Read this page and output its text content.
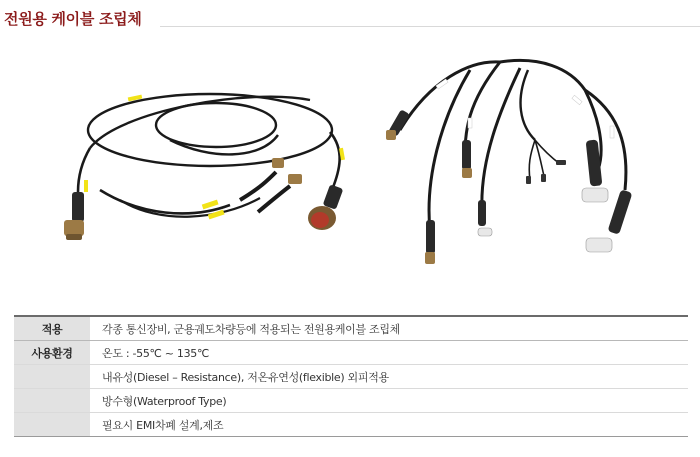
전원용 케이블 조립체
적용	각종 통신장비, 군용궤도차량등에 적용되는 전원용케이블 조립체
사용환경	온도 : -55℃ ~ 135℃
내유성(Diesel – Resistance), 저온유연성(flexible) 외피적용
방수형(Waterproof Type)
필요시 EMI차폐 설계,제조
